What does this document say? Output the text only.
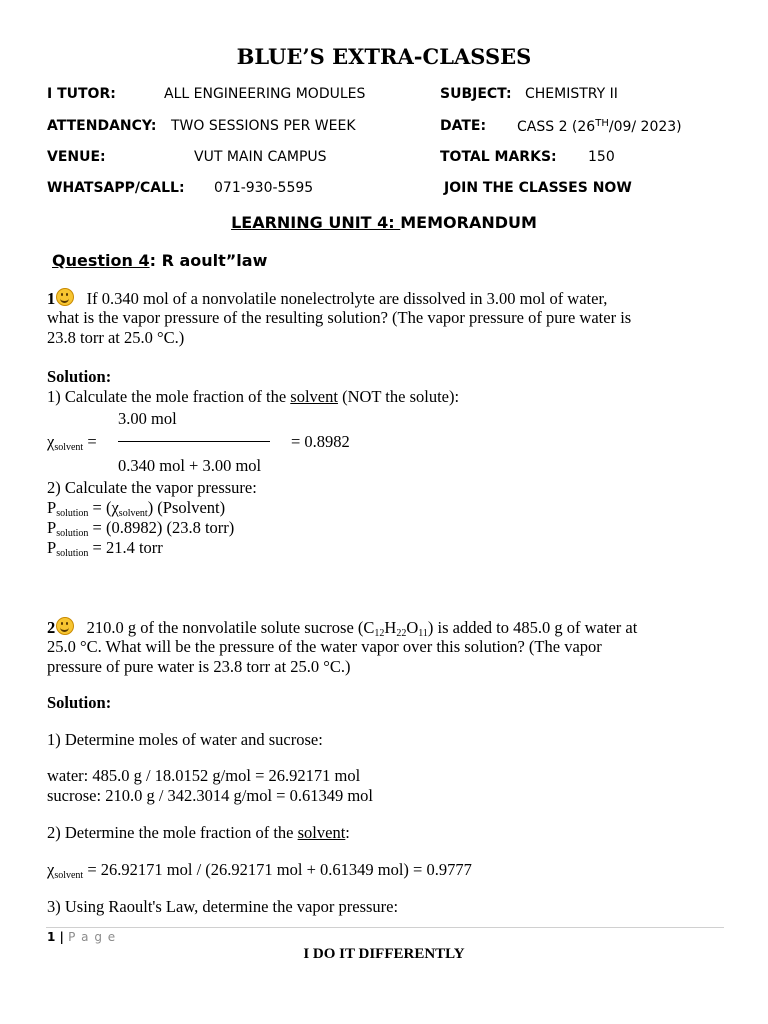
BLUE’S EXTRA-CLASSES
I TUTOR:	ALL ENGINEERING MODULES	SUBJECT: CHEMISTRY II
ATTENDANCY: TWO SESSIONS PER WEEK	DATE: CASS 2 (26TH/09/ 2023)
VENUE:	VUT MAIN CAMPUS	TOTAL MARKS: 150
WHATSAPP/CALL: 071-930-5595	JOIN THE CLASSES NOW
LEARNING UNIT 4: MEMORANDUM
Question 4: R aoult”law
1 If 0.340 mol of a nonvolatile nonelectrolyte are dissolved in 3.00 mol of water,
what is the vapor pressure of the resulting solution? (The vapor pressure of pure water is
23.8 torr at 25.0 °C.)
Solution:
1) Calculate the mole fraction of the solvent (NOT the solute):
3.00 mol
$\chi_{solvent}$ =	= 0.8982
0.340 mol + 3.00 mol
2) Calculate the vapor pressure:
$P_{solution} = (\chi_{solvent})$ (Psolvent)
$P_{solution} = (0.8982)$ (23.8 torr)
$P_{solution} = 21.4$ torr
2 210.0 g of the nonvolatile solute sucrose $(C_{12}H_{22}O_{11})$ is added to 485.0 g of water at
25.0 °C. What will be the pressure of the water vapor over this solution? (The vapor
pressure of pure water is 23.8 torr at 25.0 °C.)
Solution:
1) Determine moles of water and sucrose:
water: 485.0 g / 18.0152 g/mol = 26.92171 mol
sucrose: 210.0 g / 342.3014 g/mol = 0.61349 mol
2) Determine the mole fraction of the solvent:
$\chi_{solvent} = 26.92171$ mol / (26.92171 mol + 0.61349 mol) = 0.9777
3) Using Raoult's Law, determine the vapor pressure:
1 | P a g e
I DO IT DIFFERENTLY
